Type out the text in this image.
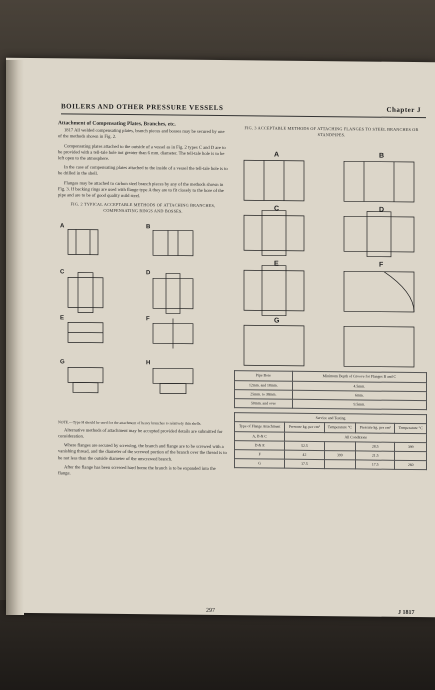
BOILERS AND OTHER PRESSURE VESSELS	Chapter J
Attachment of Compensating Plates, Branches, etc.

1817 All welded compensating plates, branch pieces and bosses may be secured by one of the methods shown in Fig. 2.

Compensating plates attached to the outside of a vessel as in Fig. 2 types C and D are to be provided with a tell-tale hole not greater than 6 mm. diameter. The tell-tale hole is to be left open to the atmosphere.

In the case of compensating plates attached to the inside of a vessel the tell-tale hole is to be drilled in the shell.

Flanges may be attached to carbon steel branch pieces by any of the methods shown in Fig. 3. If backing rings are used with flange type A they are to fit closely to the bore of the pipe and are to be of good quality mild steel.

FIG. 2 TYPICAL ACCEPTABLE METHODS OF ATTACHING BRANCHES, COMPENSATING RINGS AND BOSSES.
A	B
C	D
E	F
G	H
NOTE.—Type H should be used for the attachment of heavy branches to relatively thin shells.

Alternative methods of attachment may be accepted provided details are submitted for consideration.

Where flanges are secured by screwing, the branch and flange are to be screwed with a vanishing thread, and the diameter of the screwed portion of the branch over the thread is to be not less than the outside diameter of the unscrewed branch.

After the flange has been screwed hard home the branch is to be expanded into the flange.

FIG. 3 ACCEPTABLE METHODS OF ATTACHING FLANGES TO STEEL BRANCHES OR STANDPIPES.
A	B
C	D
E	F
G
Pipe Bore	Minimum Depth of Groove for Flanges B and C
12mm. and 18mm.	4.5mm.
25mm. to 38mm.	6mm.
50mm. and over	9.5mm.
Service and Testing				
Type of Flange Attachment	Pressure kg. per cm²	Temperature °C	Pressure kg. per cm²	Temperature °C
A, B & C	All Conditions			
D & E	52.5		28.5	399
F	42	399	21.5	
G	17.5		17.5	260
297	J 1817
